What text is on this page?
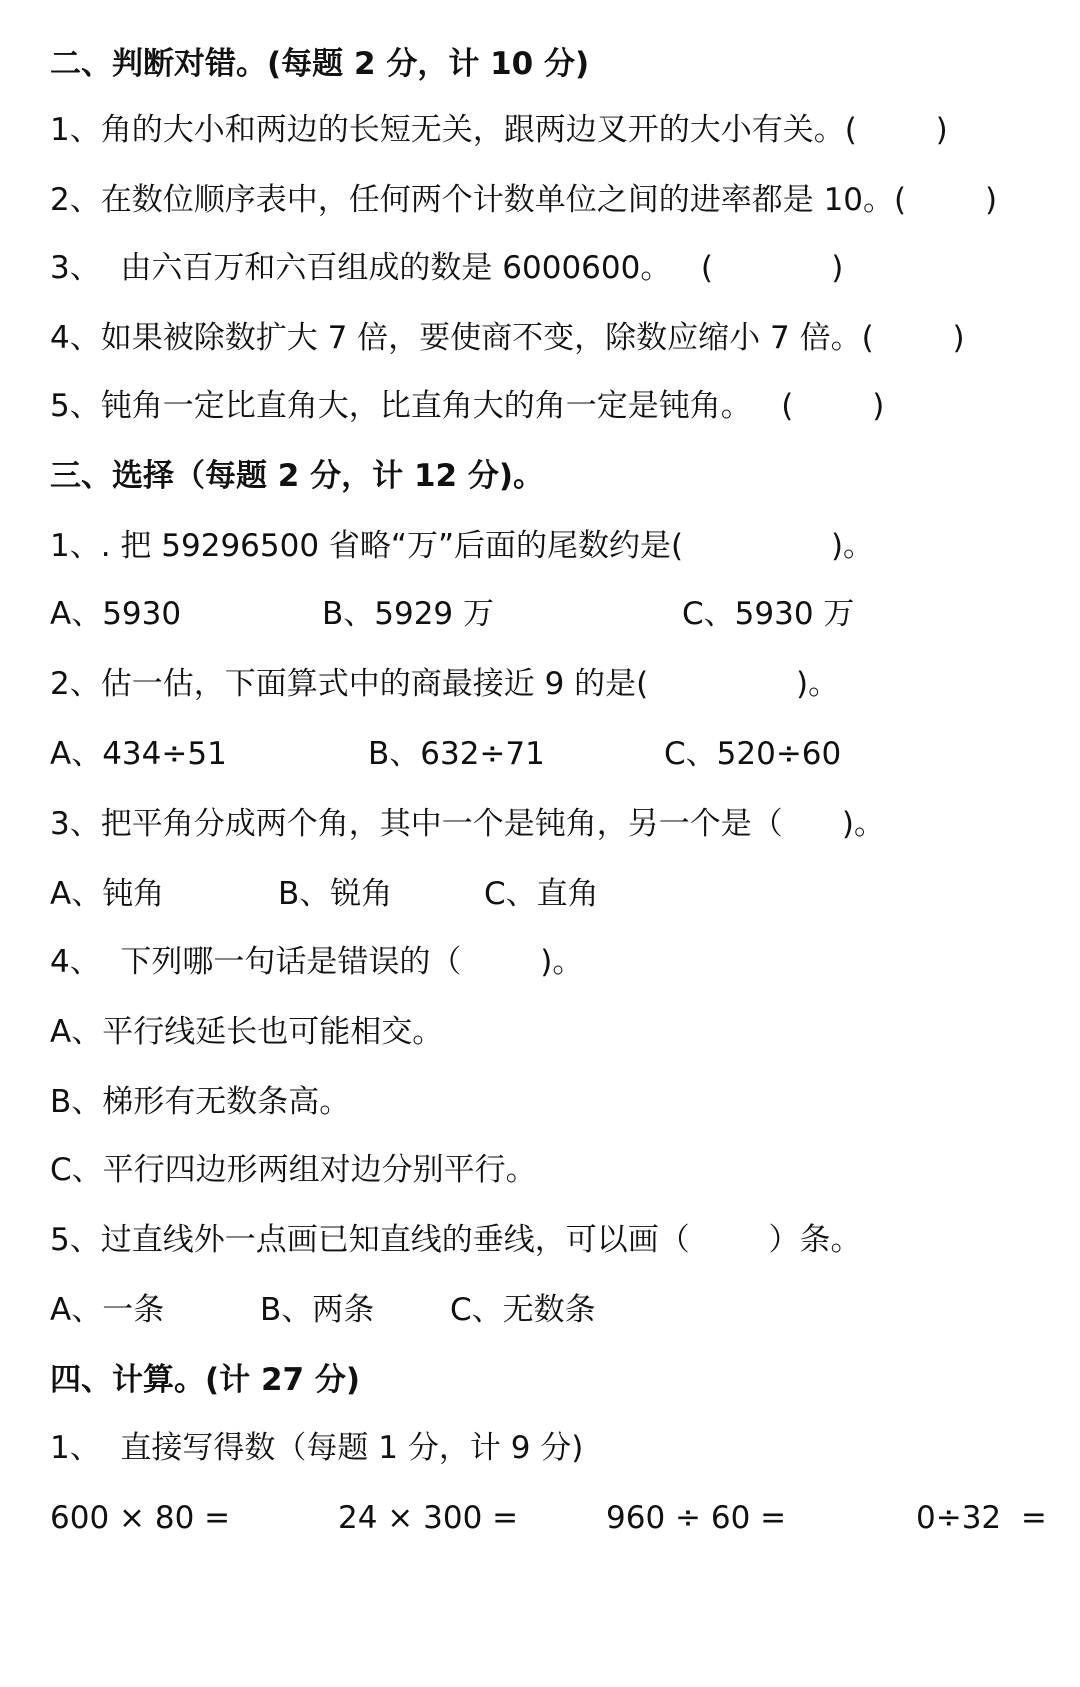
二、判断对错。(每题 2 分，计 10 分)
1、角的大小和两边的长短无关，跟两边叉开的大小有关。(        )
2、在数位顺序表中，任何两个计数单位之间的进率都是 10。(        )
3、  由六百万和六百组成的数是 6000600。   (            )
4、如果被除数扩大 7 倍，要使商不变，除数应缩小 7 倍。(        )
5、钝角一定比直角大，比直角大的角一定是钝角。   (        )
三、选择（每题 2 分，计 12 分)。
1、. 把 59296500 省略“万”后面的尾数约是(               )。
A、5930	B、5929 万	C、5930 万
2、估一估，下面算式中的商最接近 9 的是(               )。
A、434÷51	B、632÷71	C、520÷60
3、把平角分成两个角，其中一个是钝角，另一个是（      )。
A、钝角	B、锐角	C、直角
4、  下列哪一句话是错误的（        )。
A、平行线延长也可能相交。
B、梯形有无数条高。
C、平行四边形两组对边分别平行。
5、过直线外一点画已知直线的垂线，可以画（        ）条。
A、一条	B、两条 C、无数条
四、计算。(计 27 分)
1、  直接写得数（每题 1 分，计 9 分)
600 × 80 =	24 × 300 =	960 ÷ 60 =	0÷32  =
